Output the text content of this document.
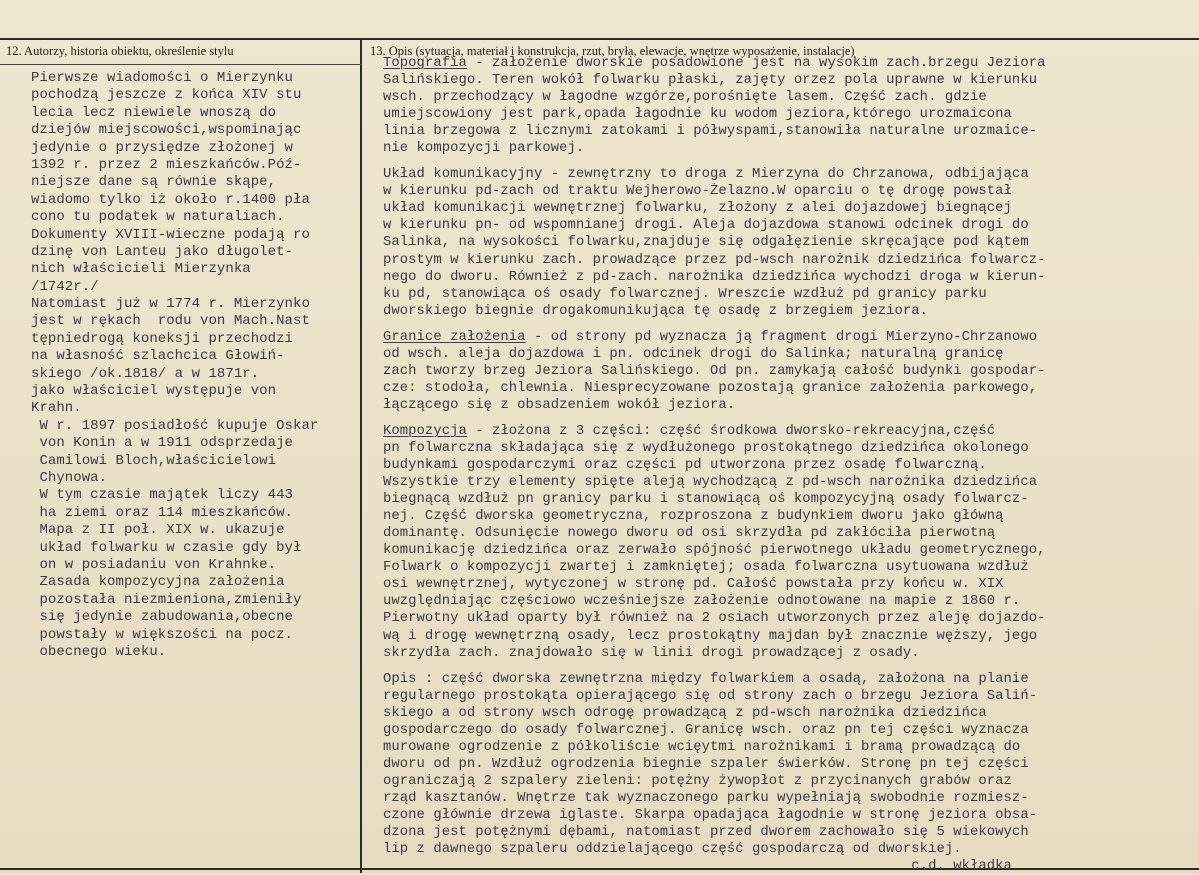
12. Autorzy, historia obiektu, określenie stylu	13. Opis (sytuacja, materiał i konstrukcja, rzut, bryła, elewacje, wnętrze wyposażenie, instalacje)
Pierwsze wiadomości o Mierzynku
pochodzą jeszcze z końca XIV stu
lecia lecz niewiele wnoszą do
dziejów miejscowości,wspominając
jedynie o przysiędze złożonej w
1392 r. przez 2 mieszkańców.Póź-
niejsze dane są równie skąpe,
wiadomo tylko iż około r.1400 pła
cono tu podatek w naturaliach.
Dokumenty XVIII-wieczne podają ro
dzinę von Lanteu jako długolet-
nich właścicieli Mierzynka
/1742r./
Natomiast już w 1774 r. Mierzynko
jest w rękach  rodu von Mach.Nast
tępniedrogą koneksji przechodzi
na własność szlachcica Głowiń-
skiego /ok.1818/ a w 1871r.
jako właściciel występuje von
Krahn.
W r. 1897 posiadłość kupuje Oskar
von Konin a w 1911 odsprzedaje
Camilowi Bloch,właścicielowi
Chynowa.
W tym czasie majątek liczy 443
ha ziemi oraz 114 mieszkańców.
Mapa z II poł. XIX w. ukazuje
układ folwarku w czasie gdy był
on w posiadaniu von Krahnke.
Zasada kompozycyjna założenia
pozostała niezmieniona,zmieniły
się jedynie zabudowania,obecne
powstały w większości na pocz.
obecnego wieku.
Topografia - założenie dworskie posadowione jest na wysokim zach.brzegu Jeziora
Salińskiego. Teren wokół folwarku płaski, zajęty orzez pola uprawne w kierunku
wsch. przechodzący w łagodne wzgórze,porośnięte lasem. Część zach. gdzie
umiejscowiony jest park,opada łagodnie ku wodom jeziora,którego urozmaicona
linia brzegowa z licznymi zatokami i półwyspami,stanowiła naturalne urozmaice-
nie kompozycji parkowej.
Układ komunikacyjny - zewnętrzny to droga z Mierzyna do Chrzanowa, odbijająca
w kierunku pd-zach od traktu Wejherowo-Żelazno.W oparciu o tę drogę powstał
układ komunikacji wewnętrznej folwarku, złożony z alei dojazdowej biegnącej
w kierunku pn- od wspomnianej drogi. Aleja dojazdowa stanowi odcinek drogi do
Salinka, na wysokości folwarku,znajduje się odgałęzienie skręcające pod kątem
prostym w kierunku zach. prowadzące przez pd-wsch narożnik dziedzińca folwarcz-
nego do dworu. Również z pd-zach. narożnika dziedzińca wychodzi droga w kierun-
ku pd, stanowiąca oś osady folwarcznej. Wreszcie wzdłuż pd granicy parku
dworskiego biegnie drogakomunikująca tę osadę z brzegiem jeziora.
Granice założenia - od strony pd wyznacza ją fragment drogi Mierzyno-Chrzanowo
od wsch. aleja dojazdowa i pn. odcinek drogi do Salinka; naturalną granicę
zach tworzy brzeg Jeziora Salińskiego. Od pn. zamykają całość budynki gospodar-
cze: stodoła, chlewnia. Niesprecyzowane pozostają granice założenia parkowego,
łączącego się z obsadzeniem wokół jeziora.
Kompozycja - złożona z 3 części: część środkowa dworsko-rekreacyjna,część
pn folwarczna składająca się z wydłużonego prostokątnego dziedzińca okolonego
budynkami gospodarczymi oraz części pd utworzona przez osadę folwarczną.
Wszystkie trzy elementy spięte aleją wychodzącą z pd-wsch narożnika dziedzińca
biegnącą wzdłuż pn granicy parku i stanowiącą oś kompozycyjną osady folwarcz-
nej. Część dworska geometryczna, rozproszona z budynkiem dworu jako główną
dominantę. Odsunięcie nowego dworu od osi skrzydła pd zakłóciła pierwotną
komunikację dziedzińca oraz zerwało spójność pierwotnego układu geometrycznego,
Folwark o kompozycji zwartej i zamkniętej; osada folwarczna usytuowana wzdłuż
osi wewnętrznej, wytyczonej w stronę pd. Całość powstała przy końcu w. XIX
uwzględniając częściowo wcześniejsze założenie odnotowane na mapie z 1860 r.
Pierwotny układ oparty był również na 2 osiach utworzonych przez aleję dojazdo-
wą i drogę wewnętrzną osady, lecz prostokątny majdan był znacznie węższy, jego
skrzydła zach. znajdowało się w linii drogi prowadzącej z osady.
Opis : część dworska zewnętrzna między folwarkiem a osadą, założona na planie
regularnego prostokąta opierającego się od strony zach o brzegu Jeziora Saliń-
skiego a od strony wsch odrogę prowadzącą z pd-wsch narożnika dziedzińca
gospodarczego do osady folwarcznej. Granicę wsch. oraz pn tej części wyznacza
murowane ogrodzenie z półkoliście wcięytmi narożnikami i bramą prowadzącą do
dworu od pn. Wzdłuż ogrodzenia biegnie szpaler świerków. Stronę pn tej części
ograniczają 2 szpalery zieleni: potężny żywopłot z przycinanych grabów oraz
rząd kasztanów. Wnętrze tak wyznaczonego parku wypełniają swobodnie rozmiesz-
czone głównie drzewa iglaste. Skarpa opadająca łagodnie w stronę jeziora obsa-
dzona jest potężnymi dębami, natomiast przed dworem zachowało się 5 wiekowych
lip z dawnego szpaleru oddzielającego część gospodarczą od dworskiej.
c.d. wkładka
